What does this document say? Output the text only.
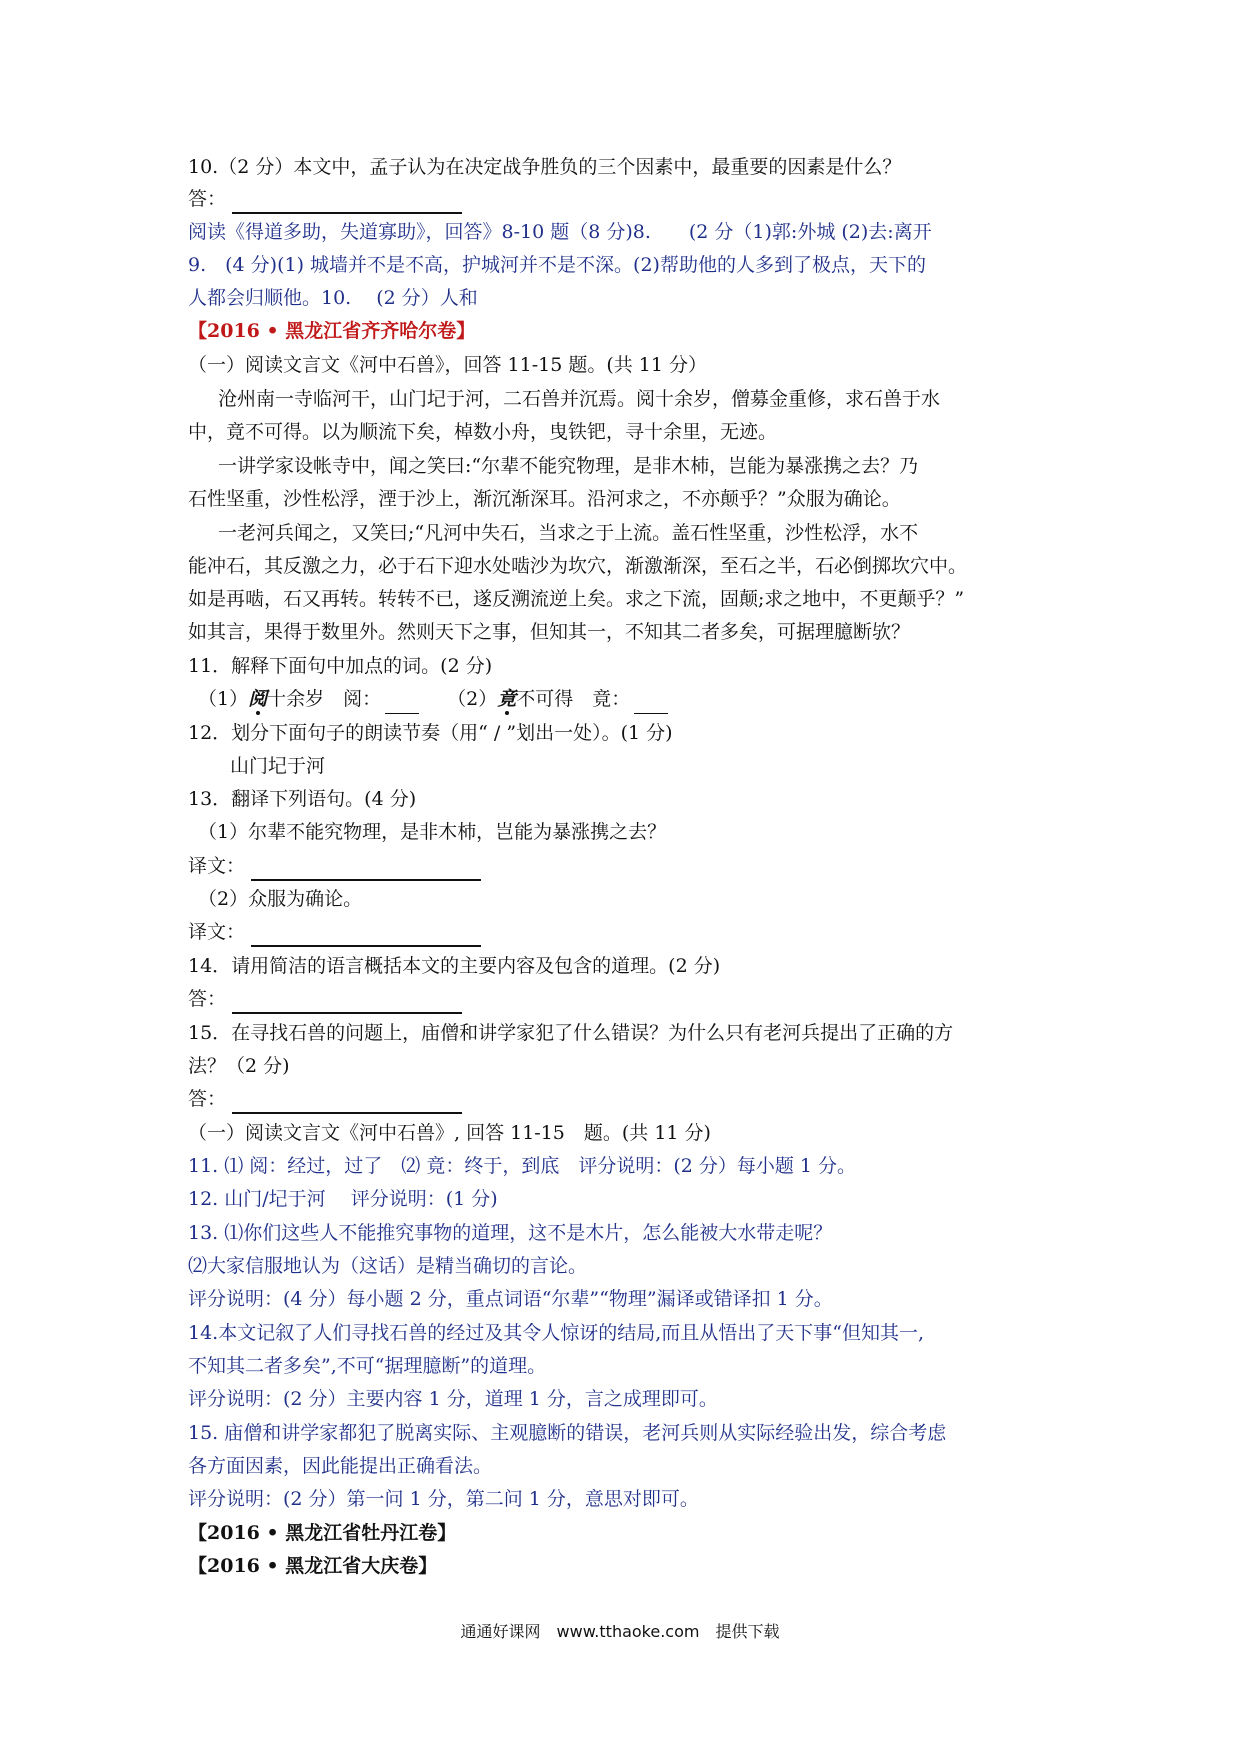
10.（2 分）本文中，孟子认为在决定战争胜负的三个因素中，最重要的因素是什么？
答：
阅读《得道多助，失道寡助》，回答》8-10 题（8 分)8.　　(2 分（1)郭:外城 (2)去:离开
9.　(4 分)(1) 城墙并不是不高，护城河并不是不深。(2)帮助他的人多到了极点，天下的
人都会归顺他。10.　 (2 分）人和
【2016 • 黑龙江省齐齐哈尔卷】
（一）阅读文言文《河中石兽》，回答 11-15 题。(共 11 分）
沧州南一寺临河干，山门圮于河，二石兽并沉焉。阅十余岁，僧募金重修，求石兽于水
中，竟不可得。以为顺流下矣，棹数小舟，曳铁钯，寻十余里，无迹。
一讲学家设帐寺中，闻之笑曰:“尔辈不能究物理，是非木杮，岂能为暴涨携之去？乃
石性坚重，沙性松浮，湮于沙上，渐沉渐深耳。沿河求之，不亦颠乎？”众服为确论。
一老河兵闻之，又笑曰;“凡河中失石，当求之于上流。盖石性坚重，沙性松浮，水不
能冲石，其反激之力，必于石下迎水处啮沙为坎穴，渐激渐深，至石之半，石必倒掷坎穴中。
如是再啮，石又再转。转转不已，遂反溯流逆上矣。求之下流，固颠;求之地中，不更颠乎？”
如其言，果得于数里外。然则天下之事，但知其一，不知其二者多矣，可据理臆断欤？
11．解释下面句中加点的词。(2 分)
（1）阅十余岁　阅：	（2）竟不可得　竟：
12．划分下面句子的朗读节奏（用“ / ”划出一处）。(1 分)
山门圮于河
13．翻译下列语句。(4 分)
（1）尔辈不能究物理，是非木杮，岂能为暴涨携之去？
译文：
（2）众服为确论。
译文：
14．请用简洁的语言概括本文的主要内容及包含的道理。(2 分)
答：
15．在寻找石兽的问题上，庙僧和讲学家犯了什么错误？为什么只有老河兵提出了正确的方
法？（2 分)
答：
（一）阅读文言文《河中石兽》, 回答 11-15　题。(共 11 分)
11. ⑴ 阅：经过，过了　⑵ 竟：终于，到底　评分说明：(2 分）每小题 1 分。
12. 山门/圮于河　 评分说明：(1 分)
13. ⑴你们这些人不能推究事物的道理，这不是木片，怎么能被大水带走呢？
⑵大家信服地认为（这话）是精当确切的言论。
评分说明：(4 分）每小题 2 分，重点词语“尔辈”“物理”漏译或错译扣 1 分。
14.本文记叙了人们寻找石兽的经过及其令人惊讶的结局,而且从悟出了天下事“但知其一,
不知其二者多矣”,不可“据理臆断”的道理。
评分说明：(2 分）主要内容 1 分，道理 1 分，言之成理即可。
15. 庙僧和讲学家都犯了脱离实际、主观臆断的错误，老河兵则从实际经验出发，综合考虑
各方面因素，因此能提出正确看法。
评分说明：(2 分）第一问 1 分，第二问 1 分，意思对即可。
【2016 • 黑龙江省牡丹江卷】
【2016 • 黑龙江省大庆卷】
通通好课网　www.tthaoke.com　提供下载
